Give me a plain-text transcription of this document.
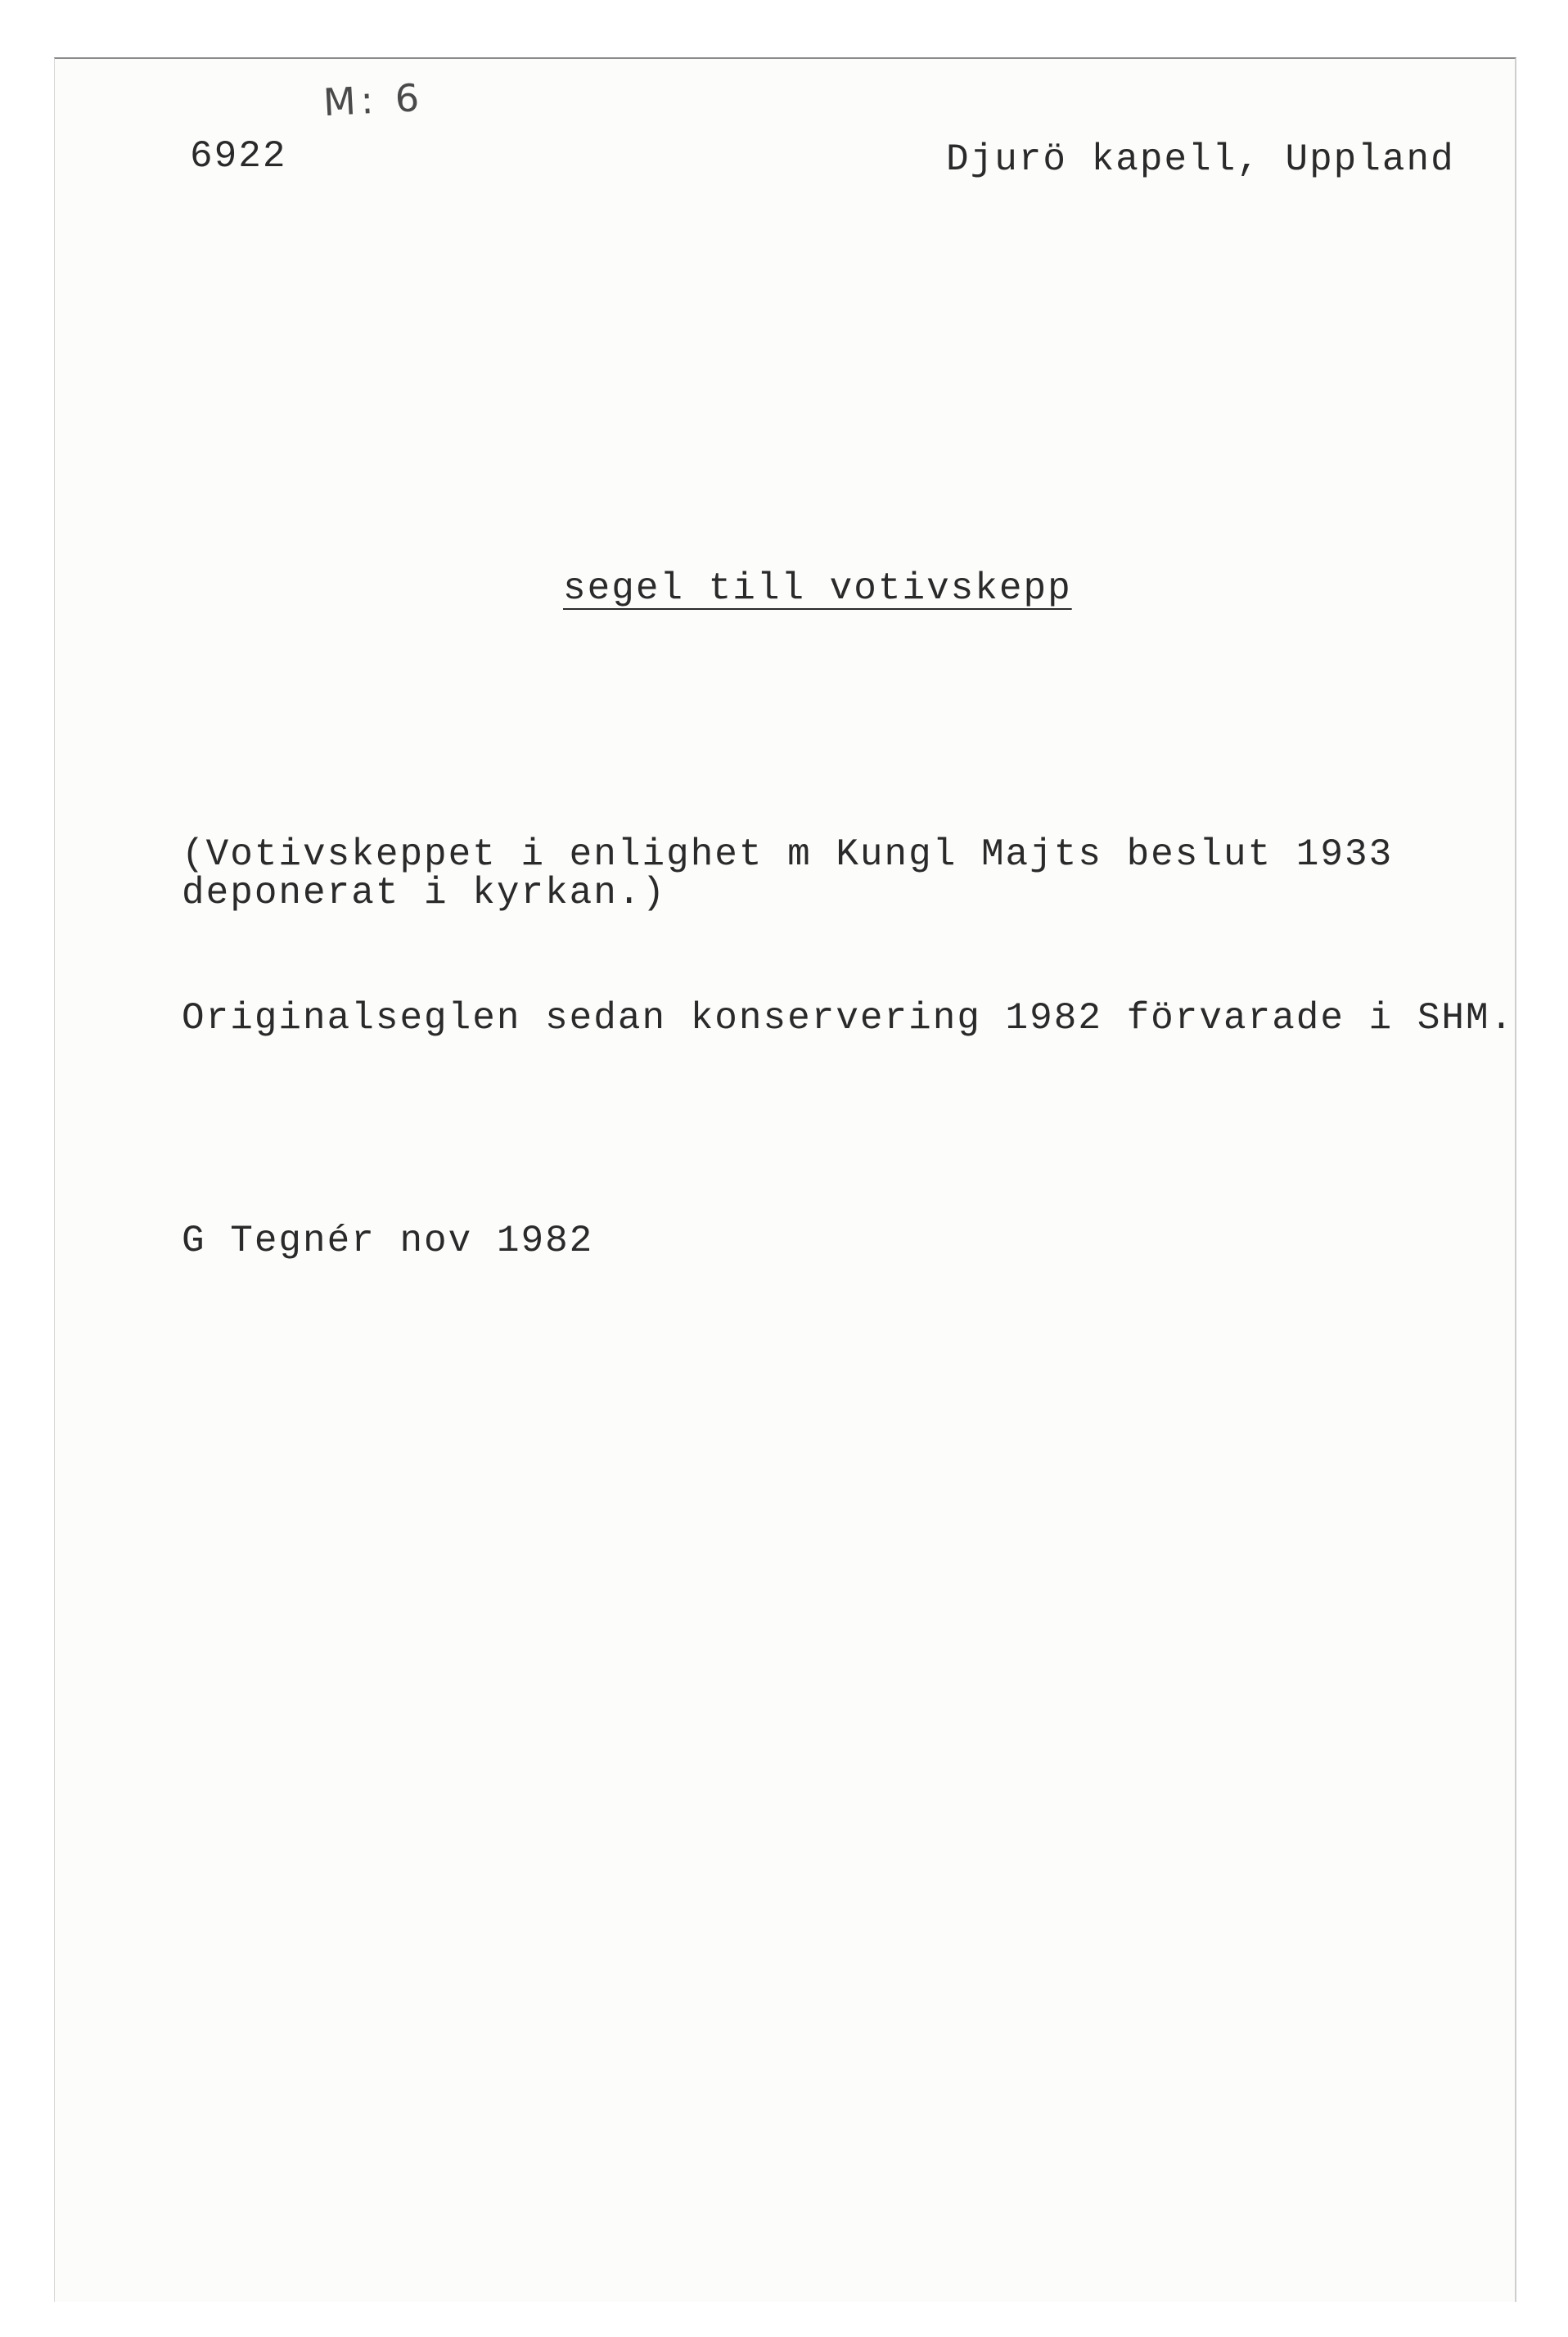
M: 6
6922	Djurö kapell, Uppland
segel till votivskepp
(Votivskeppet i enlighet m Kungl Majts beslut 1933
deponerat i kyrkan.)
Originalseglen sedan konservering 1982 förvarade i SHM.
G Tegnér nov 1982
